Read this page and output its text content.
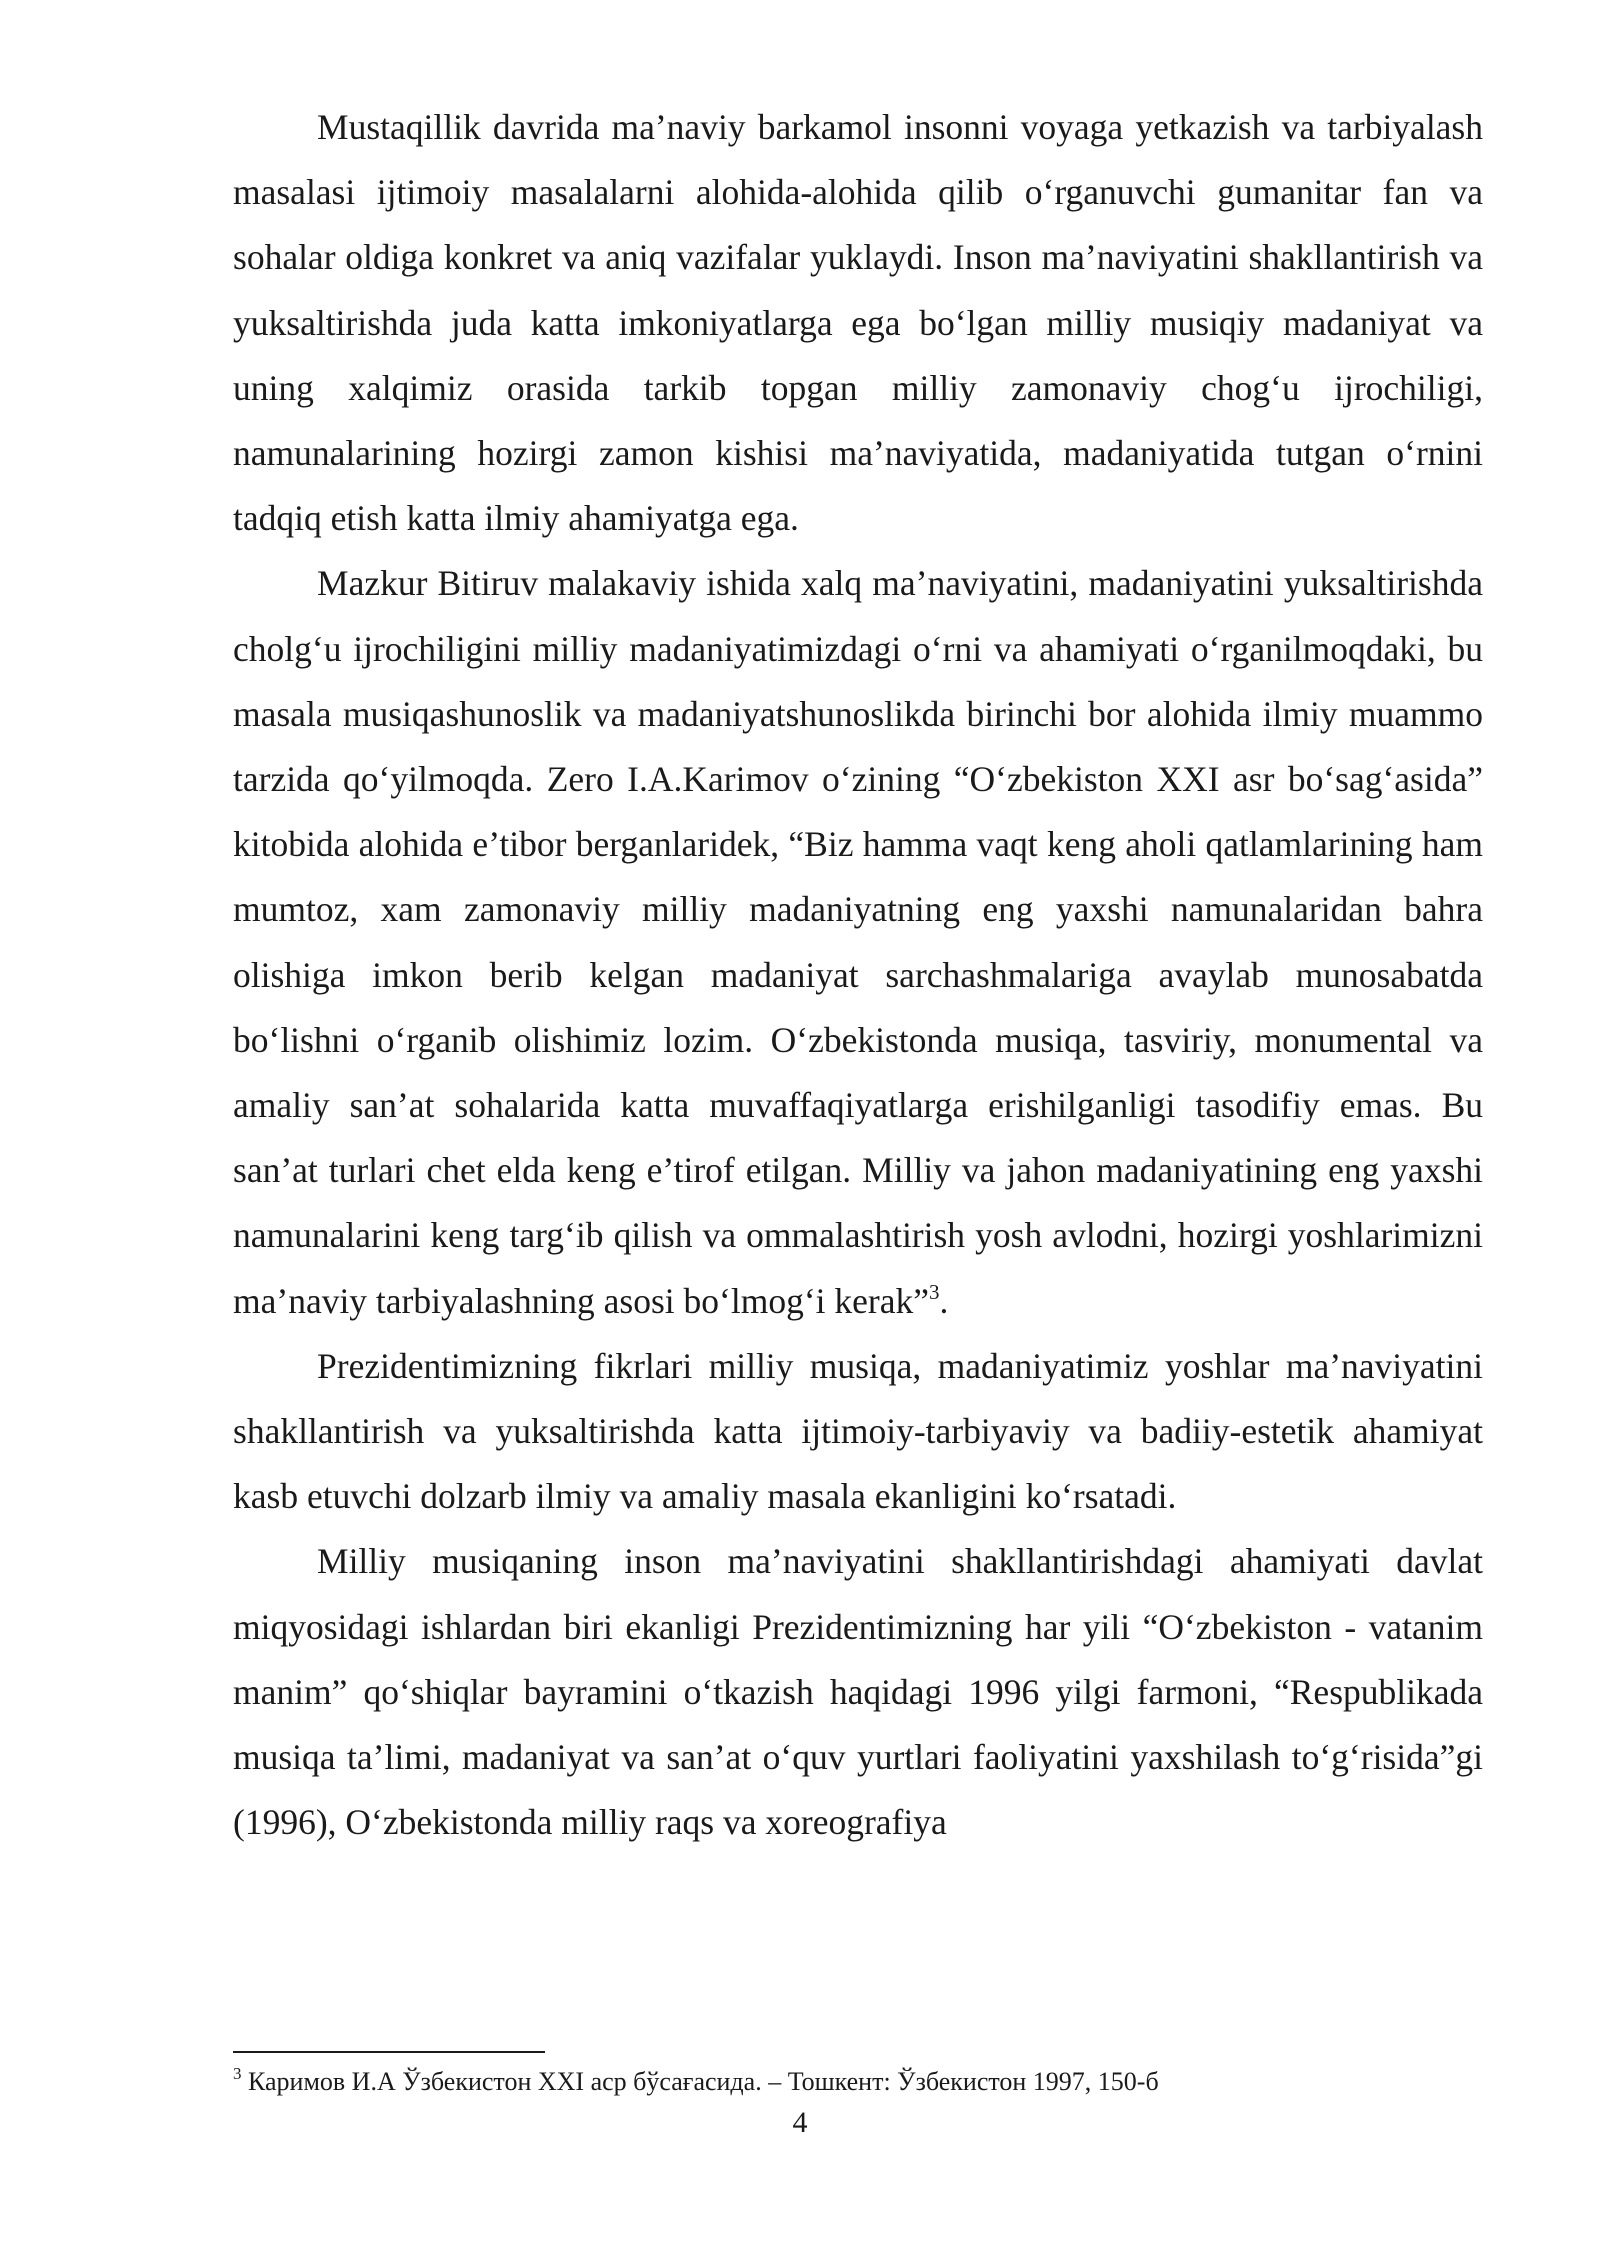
Mustaqillik davrida ma’naviy barkamol insonni voyaga yetkazish va tarbiyalash masalasi ijtimoiy masalalarni alohida-alohida qilib o‘rganuvchi gumanitar fan va sohalar oldiga konkret va aniq vazifalar yuklaydi. Inson ma’naviyatini shakllantirish va yuksaltirishda juda katta imkoniyatlarga ega bo‘lgan milliy musiqiy madaniyat va uning xalqimiz orasida tarkib topgan milliy zamonaviy chog‘u ijrochiligi, namunalarining hozirgi zamon kishisi ma’naviyatida, madaniyatida tutgan o‘rnini tadqiq etish katta ilmiy ahamiyatga ega.

Mazkur Bitiruv malakaviy ishida xalq ma’naviyatini, madaniyatini yuksaltirishda cholg‘u ijrochiligini milliy madaniyatimizdagi o‘rni va ahamiyati o‘rganilmoqdaki, bu masala musiqashunoslik va madaniyatshunoslikda birinchi bor alohida ilmiy muammo tarzida qo‘yilmoqda. Zero I.A.Karimov o‘zining “O‘zbekiston XXI asr bo‘sag‘asida” kitobida alohida e’tibor berganlaridek, “Biz hamma vaqt keng aholi qatlamlarining ham mumtoz, xam zamonaviy milliy madaniyatning eng yaxshi namunalaridan bahra olishiga imkon berib kelgan madaniyat sarchashmalariga avaylab munosabatda bo‘lishni o‘rganib olishimiz lozim. O‘zbekistonda musiqa, tasviriy, monumental va amaliy san’at sohalarida katta muvaffaqiyatlarga erishilganligi tasodifiy emas. Bu san’at turlari chet elda keng e’tirof etilgan. Milliy va jahon madaniyatining eng yaxshi namunalarini keng targ‘ib qilish va ommalashtirish yosh avlodni, hozirgi yoshlarimizni ma’naviy tarbiyalashning asosi bo‘lmog‘i kerak”$^3$.

Prezidentimizning fikrlari milliy musiqa, madaniyatimiz yoshlar ma’naviyatini shakllantirish va yuksaltirishda katta ijtimoiy-tarbiyaviy va badiiy-estetik ahamiyat kasb etuvchi dolzarb ilmiy va amaliy masala ekanligini ko‘rsatadi.

Milliy musiqaning inson ma’naviyatini shakllantirishdagi ahamiyati davlat miqyosidagi ishlardan biri ekanligi Prezidentimizning har yili “O‘zbekiston - vatanim manim” qo‘shiqlar bayramini o‘tkazish haqidagi 1996 yilgi farmoni, “Respublikada musiqa ta’limi, madaniyat va san’at o‘quv yurtlari faoliyatini yaxshilash to‘g‘risida”gi (1996), O‘zbekistonda milliy raqs va xoreografiya

$^3$ Каримов И.А Ўзбекистон XXI аср бўсағасида. – Тошкент: Ўзбекистон 1997, 150-б

4
